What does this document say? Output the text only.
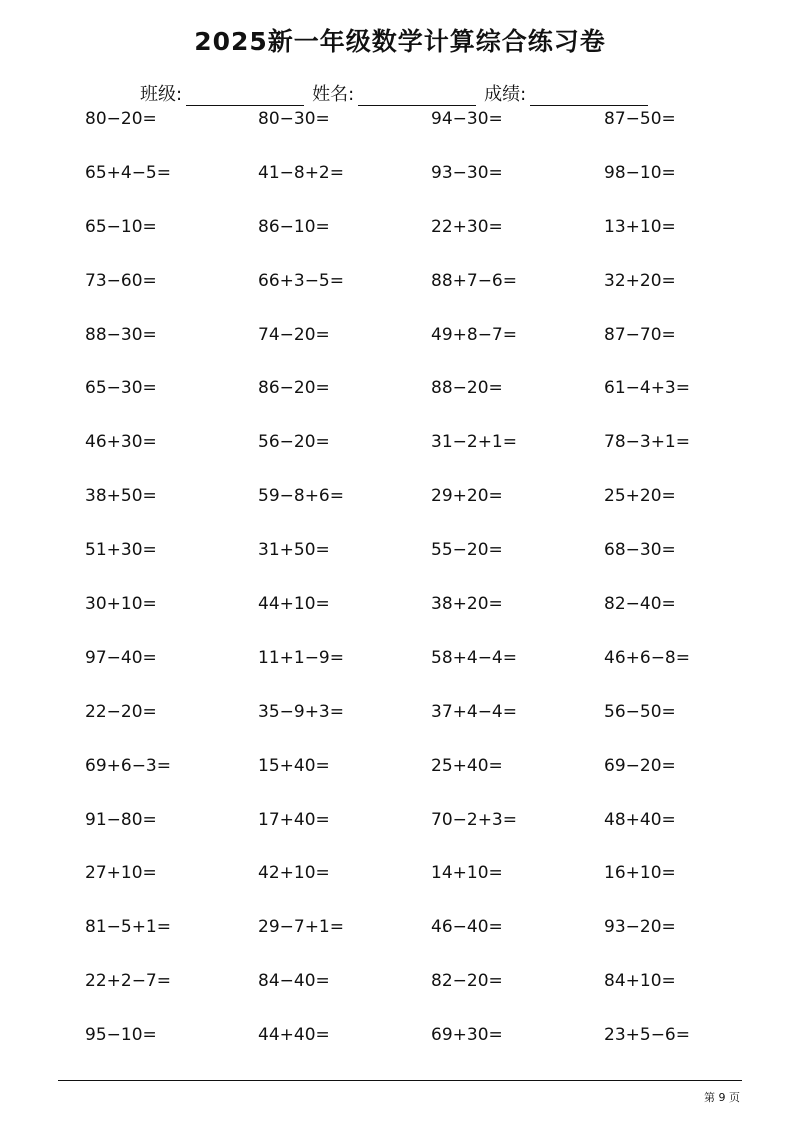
2025新一年级数学计算综合练习卷
班级:	姓名:	成绩:
80−20=	80−30=	94−30=	87−50=
65+4−5=	41−8+2=	93−30=	98−10=
65−10=	86−10=	22+30=	13+10=
73−60=	66+3−5=	88+7−6=	32+20=
88−30=	74−20=	49+8−7=	87−70=
65−30=	86−20=	88−20=	61−4+3=
46+30=	56−20=	31−2+1=	78−3+1=
38+50=	59−8+6=	29+20=	25+20=
51+30=	31+50=	55−20=	68−30=
30+10=	44+10=	38+20=	82−40=
97−40=	11+1−9=	58+4−4=	46+6−8=
22−20=	35−9+3=	37+4−4=	56−50=
69+6−3=	15+40=	25+40=	69−20=
91−80=	17+40=	70−2+3=	48+40=
27+10=	42+10=	14+10=	16+10=
81−5+1=	29−7+1=	46−40=	93−20=
22+2−7=	84−40=	82−20=	84+10=
95−10=	44+40=	69+30=	23+5−6=
第 9 页
